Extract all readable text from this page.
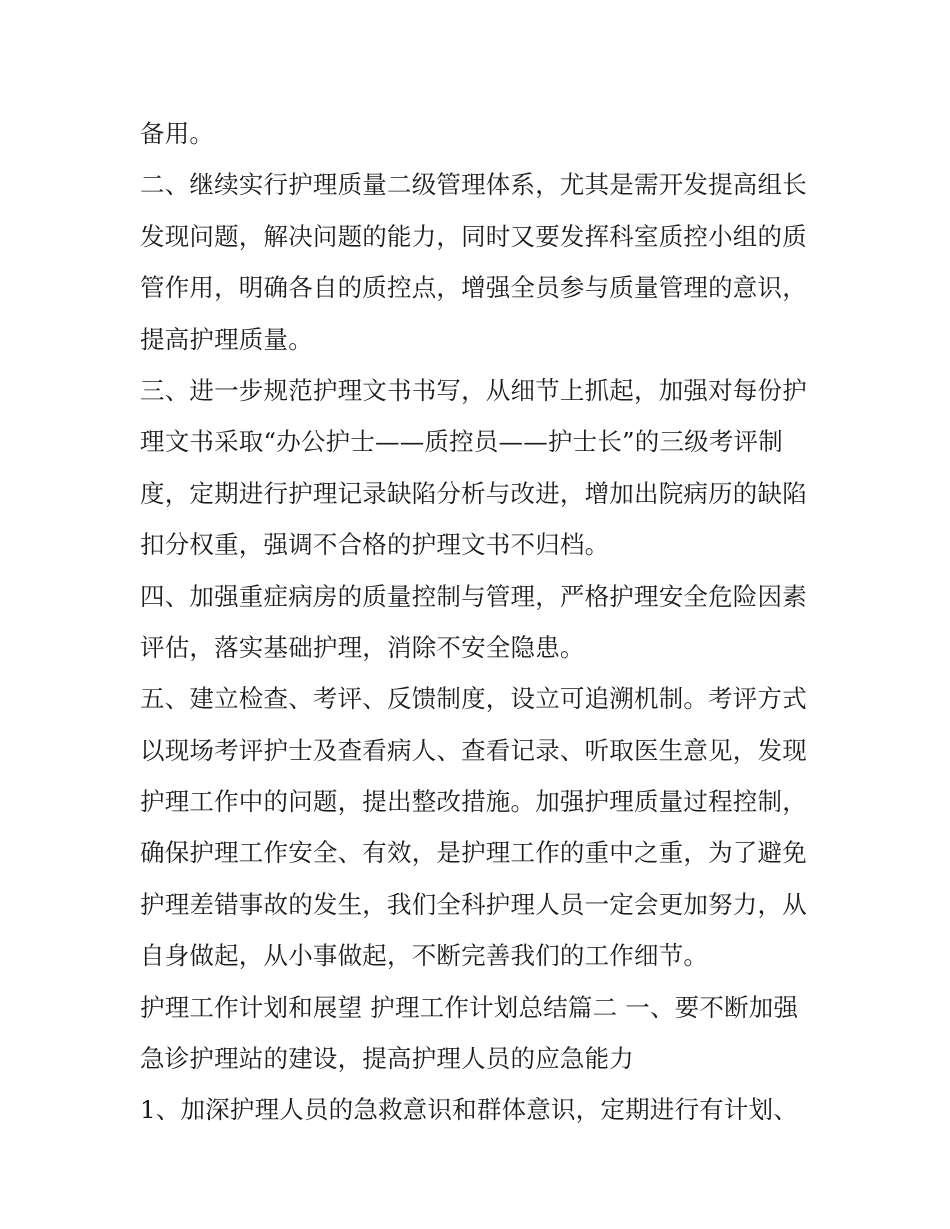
备用。
二、继续实行护理质量二级管理体系，尤其是需开发提高组长
发现问题，解决问题的能力，同时又要发挥科室质控小组的质
管作用，明确各自的质控点，增强全员参与质量管理的意识，
提高护理质量。
三、进一步规范护理文书书写，从细节上抓起，加强对每份护
理文书采取“办公护士——质控员——护士长”的三级考评制
度，定期进行护理记录缺陷分析与改进，增加出院病历的缺陷
扣分权重，强调不合格的护理文书不归档。
四、加强重症病房的质量控制与管理，严格护理安全危险因素
评估，落实基础护理，消除不安全隐患。
五、建立检查、考评、反馈制度，设立可追溯机制。考评方式
以现场考评护士及查看病人、查看记录、听取医生意见，发现
护理工作中的问题，提出整改措施。加强护理质量过程控制，
确保护理工作安全、有效，是护理工作的重中之重，为了避免
护理差错事故的发生，我们全科护理人员一定会更加努力，从
自身做起，从小事做起，不断完善我们的工作细节。
护理工作计划和展望 护理工作计划总结篇二 一、要不断加强
急诊护理站的建设，提高护理人员的应急能力
1、加深护理人员的急救意识和群体意识，定期进行有计划、
